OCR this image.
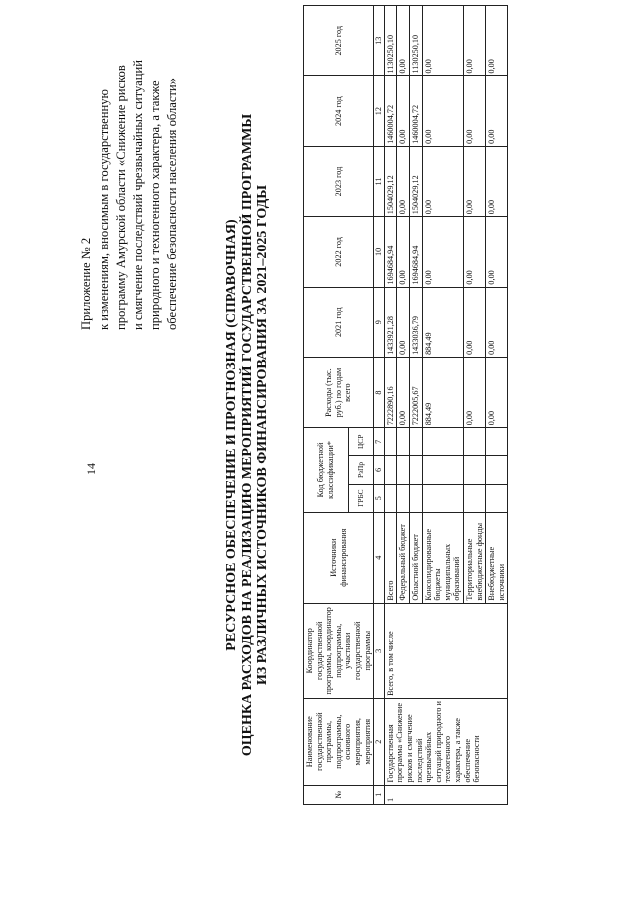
14
Приложение № 2 к изменениям, вносимым в государственную программу Амурской области «Снижение рисков и смягчение последствий чрезвычайных ситуаций природного и техногенного характера, а также обеспечение безопасности населения области»
РЕСУРСНОЕ ОБЕСПЕЧЕНИЕ И ПРОГНОЗНАЯ (СПРАВОЧНАЯ) ОЦЕНКА РАСХОДОВ НА РЕАЛИЗАЦИЮ МЕРОПРИЯТИЙ ГОСУДАРСТВЕННОЙ ПРОГРАММЫ ИЗ РАЗЛИЧНЫХ ИСТОЧНИКОВ ФИНАНСИРОВАНИЯ ЗА 2021–2025 ГОДЫ
№	Наименование государственной программы, подпрограммы, основного мероприятия, мероприятия	Координатор государственной программы, координатор подпрограммы, участники государственной программы	Источники финансирования	Код бюджетной классификации*			Расходы (тыс. руб.) по годам всего	2021 год	2022 год	2023 год	2024 год	2025 год
				ГРБС	РзПр	ЦСР						
1	2	3	4	5	6	7	8	9	10	11	12	13
1	Государственная программа «Снижение рисков и смягчение последствий чрезвычайных ситуаций природного и техногенного характера, а также обеспечение безопасности	Всего, в том числе	Всего				7222890,16	1433921,28	1694684,94	1504029,12	1460004,72	1130250,10
			Федеральный бюджет				0,00	0,00	0,00	0,00	0,00	0,00
			Областной бюджет				7222005,67	1433036,79	1694684,94	1504029,12	1460004,72	1130250,10
			Консолидированные бюджеты муниципальных образований				884,49	884,49	0,00	0,00	0,00	0,00
			Территориальные внебюджетные фонды				0,00	0,00	0,00	0,00	0,00	0,00
			Внебюджетные источники				0,00	0,00	0,00	0,00	0,00	0,00
